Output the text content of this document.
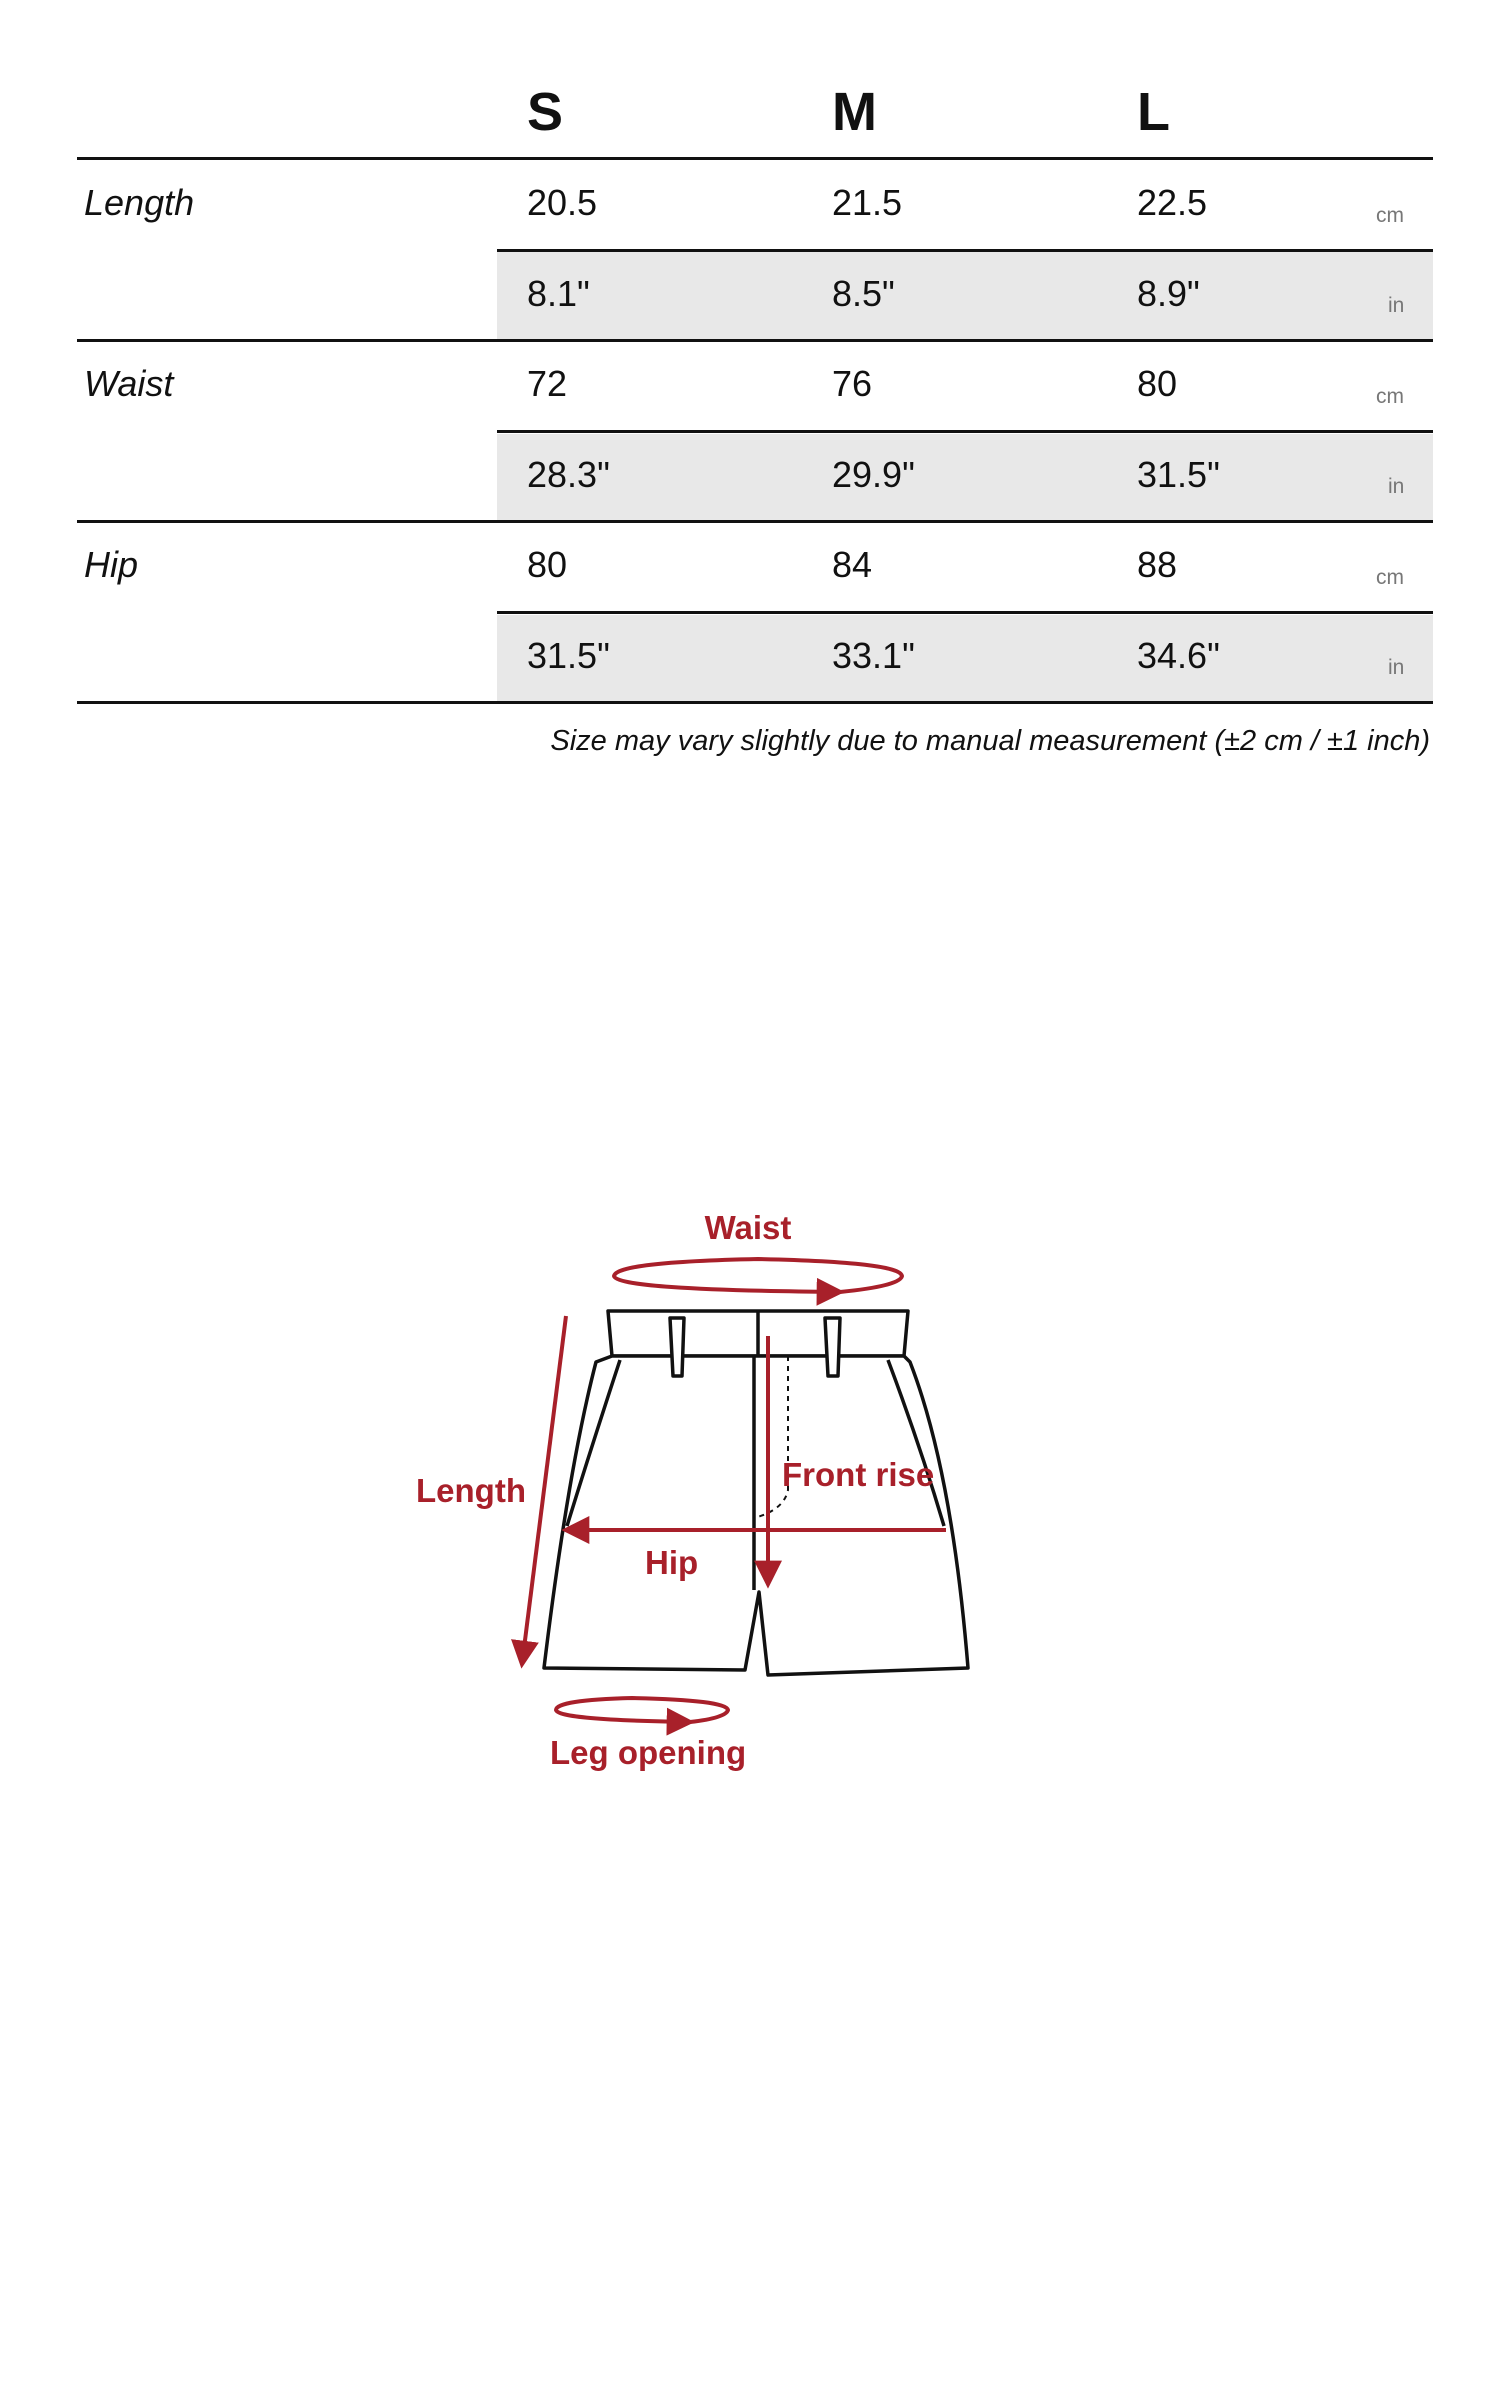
S	M	L
Length	20.5	21.5	22.5	cm
8.1"	8.5"	8.9"	in
Waist	72	76	80	cm
28.3"	29.9"	31.5"	in
Hip	80	84	88	cm
31.5"	33.1"	34.6"	in
Size may vary slightly due to manual measurement (±2 cm / ±1 inch)
Waist
Length	Front rise
Hip
Leg opening
